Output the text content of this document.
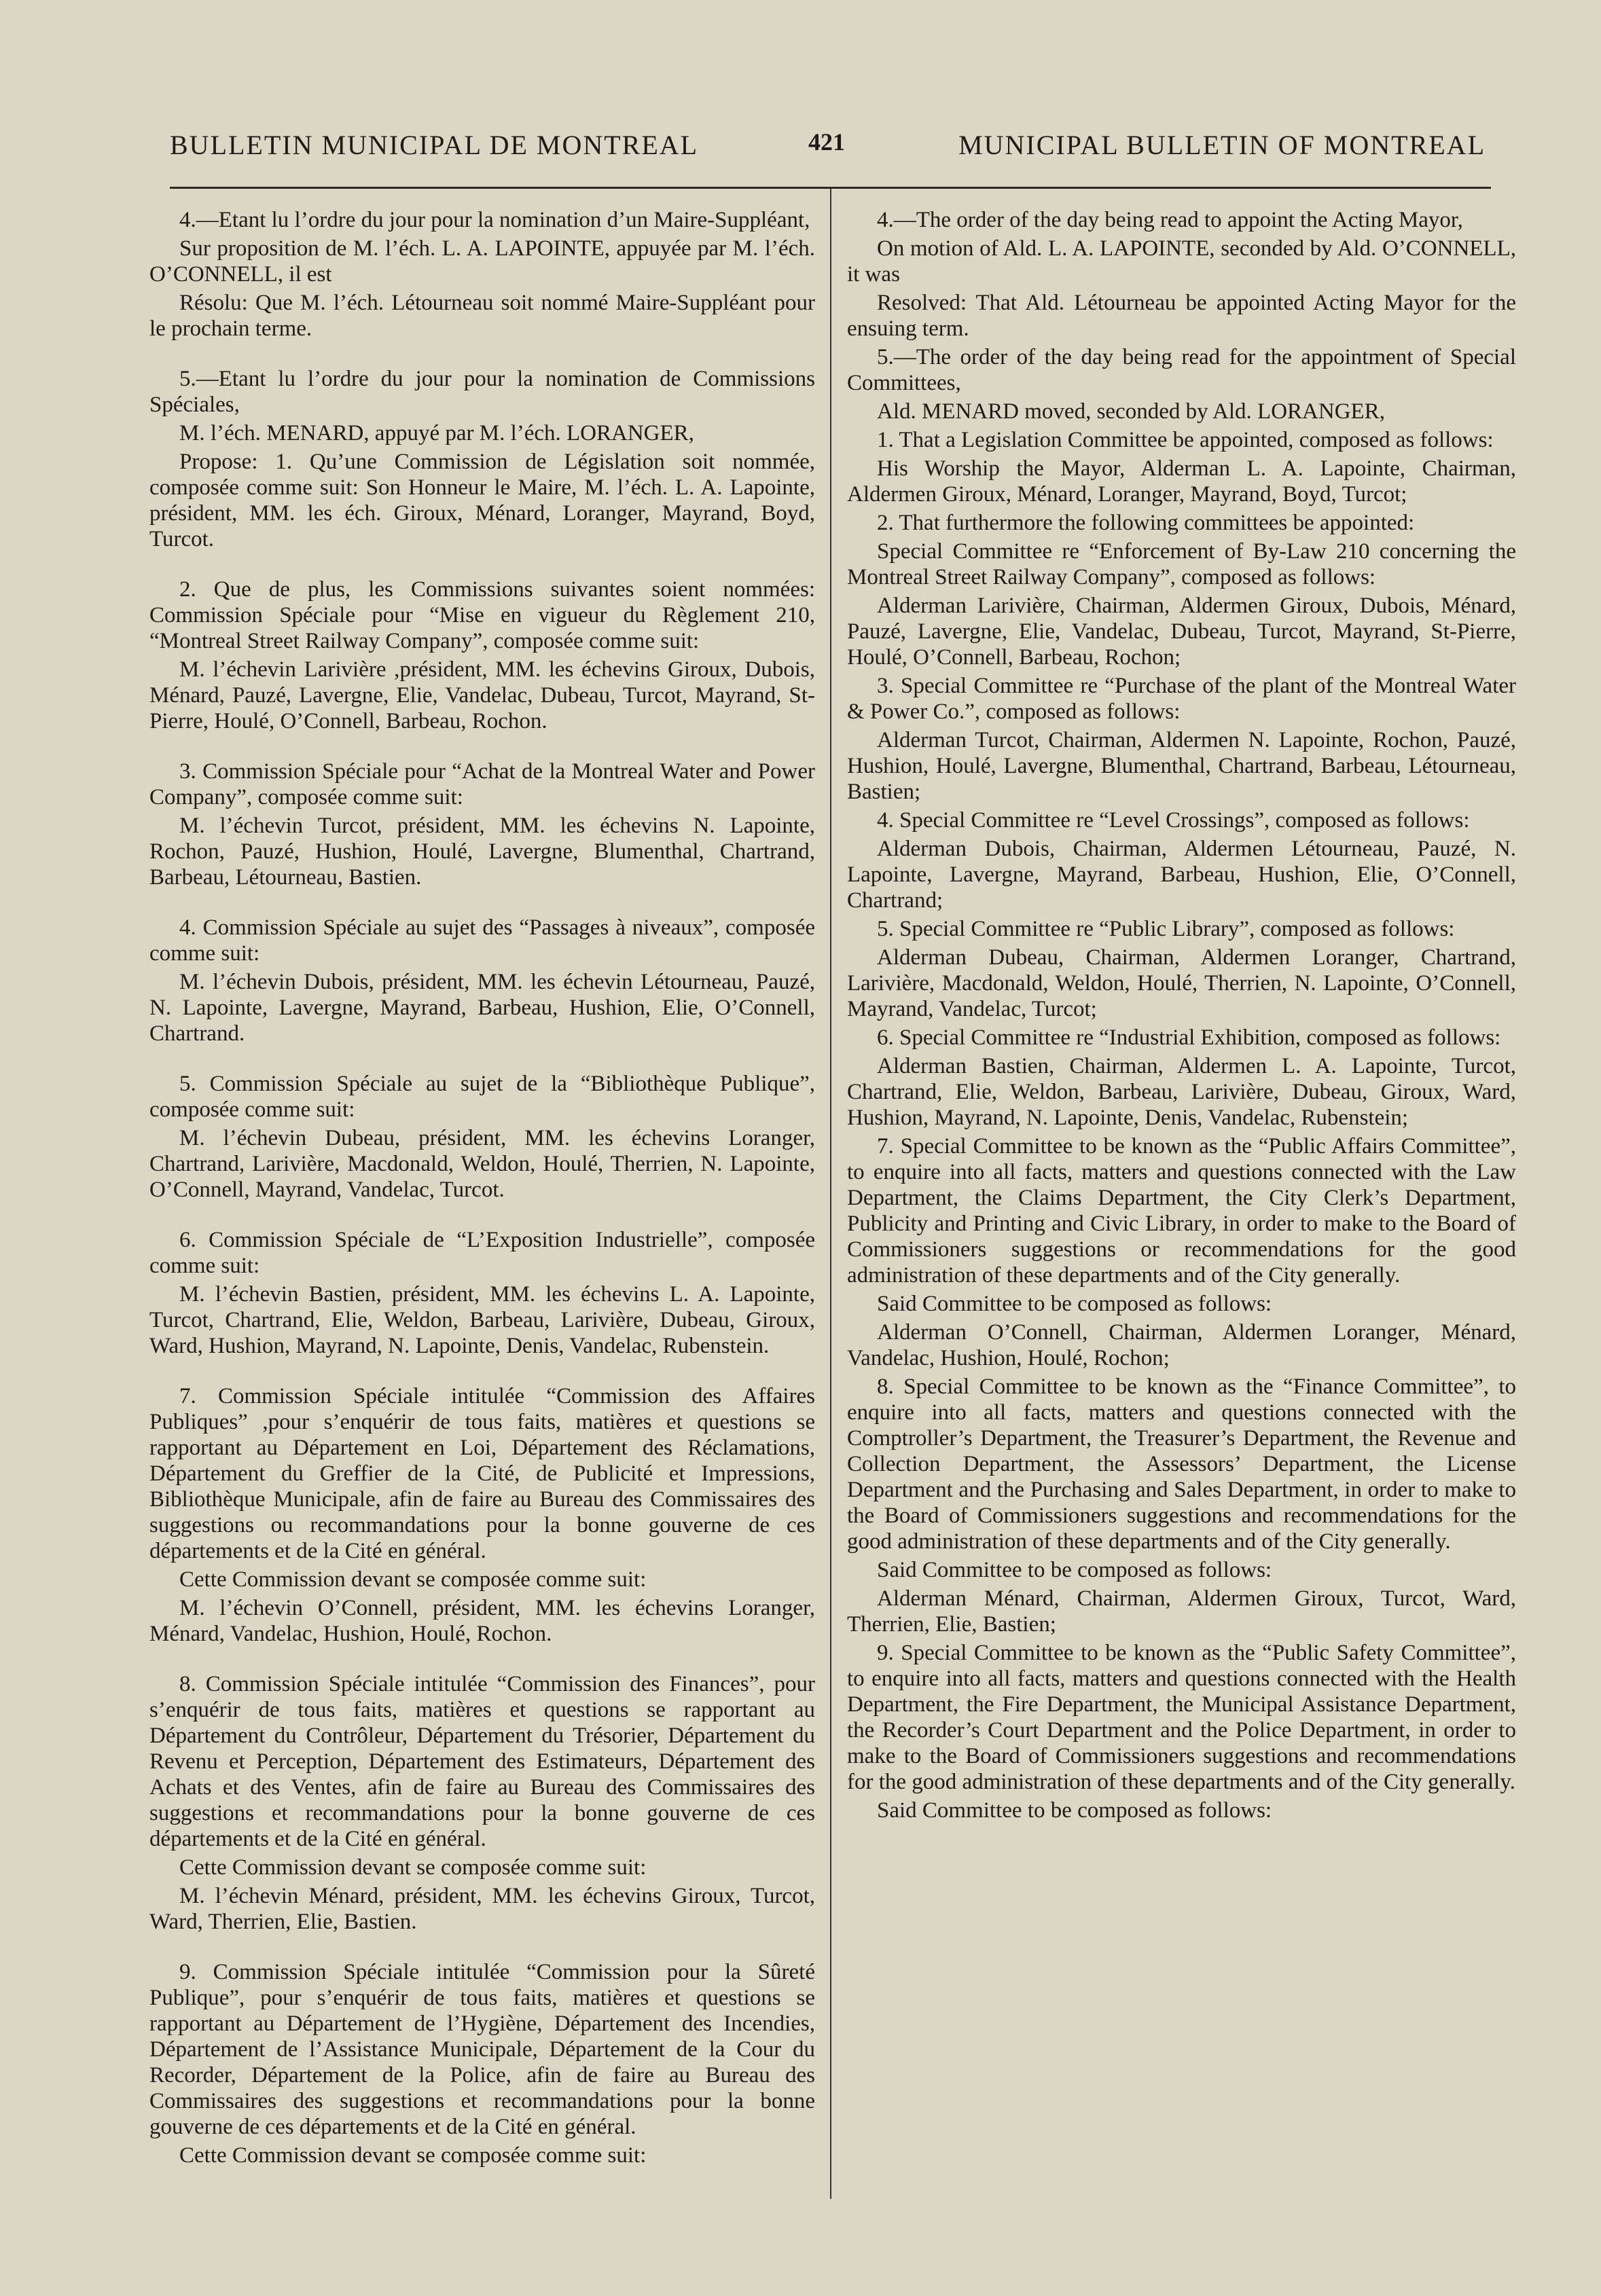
BULLETIN MUNICIPAL DE MONTREAL	421	MUNICIPAL BULLETIN OF MONTREAL

4.—Etant lu l’ordre du jour pour la nomination d’un Maire-Suppléant,

Sur proposition de M. l’éch. L. A. LAPOINTE, appuyée par M. l’éch. O’CONNELL, il est

Résolu: Que M. l’éch. Létourneau soit nommé Maire-Suppléant pour le prochain terme.

5.—Etant lu l’ordre du jour pour la nomination de Commissions Spéciales,

M. l’éch. MENARD, appuyé par M. l’éch. LORANGER,

Propose: 1. Qu’une Commission de Législation soit nommée, composée comme suit: Son Honneur le Maire, M. l’éch. L. A. Lapointe, président, MM. les éch. Giroux, Ménard, Loranger, Mayrand, Boyd, Turcot.

2. Que de plus, les Commissions suivantes soient nommées: Commission Spéciale pour “Mise en vigueur du Règlement 210, “Montreal Street Railway Company”, composée comme suit:

M. l’échevin Larivière ,président, MM. les échevins Giroux, Dubois, Ménard, Pauzé, Lavergne, Elie, Vandelac, Dubeau, Turcot, Mayrand, St-Pierre, Houlé, O’Connell, Barbeau, Rochon.

3. Commission Spéciale pour “Achat de la Montreal Water and Power Company”, composée comme suit:

M. l’échevin Turcot, président, MM. les échevins N. Lapointe, Rochon, Pauzé, Hushion, Houlé, Lavergne, Blumenthal, Chartrand, Barbeau, Létourneau, Bastien.

4. Commission Spéciale au sujet des “Passages à niveaux”, composée comme suit:

M. l’échevin Dubois, président, MM. les échevin Létourneau, Pauzé, N. Lapointe, Lavergne, Mayrand, Barbeau, Hushion, Elie, O’Connell, Chartrand.

5. Commission Spéciale au sujet de la “Bibliothèque Publique”, composée comme suit:

M. l’échevin Dubeau, président, MM. les échevins Loranger, Chartrand, Larivière, Macdonald, Weldon, Houlé, Therrien, N. Lapointe, O’Connell, Mayrand, Vandelac, Turcot.

6. Commission Spéciale de “L’Exposition Industrielle”, composée comme suit:

M. l’échevin Bastien, président, MM. les échevins L. A. Lapointe, Turcot, Chartrand, Elie, Weldon, Barbeau, Larivière, Dubeau, Giroux, Ward, Hushion, Mayrand, N. Lapointe, Denis, Vandelac, Rubenstein.

7. Commission Spéciale intitulée “Commission des Affaires Publiques” ,pour s’enquérir de tous faits, matières et questions se rapportant au Département en Loi, Département des Réclamations, Département du Greffier de la Cité, de Publicité et Impressions, Bibliothèque Municipale, afin de faire au Bureau des Commissaires des suggestions ou recommandations pour la bonne gouverne de ces départements et de la Cité en général.

Cette Commission devant se composée comme suit:

M. l’échevin O’Connell, président, MM. les échevins Loranger, Ménard, Vandelac, Hushion, Houlé, Rochon.

8. Commission Spéciale intitulée “Commission des Finances”, pour s’enquérir de tous faits, matières et questions se rapportant au Département du Contrôleur, Département du Trésorier, Département du Revenu et Perception, Département des Estimateurs, Département des Achats et des Ventes, afin de faire au Bureau des Commissaires des suggestions et recommandations pour la bonne gouverne de ces départements et de la Cité en général.

Cette Commission devant se composée comme suit:

M. l’échevin Ménard, président, MM. les échevins Giroux, Turcot, Ward, Therrien, Elie, Bastien.

9. Commission Spéciale intitulée “Commission pour la Sûreté Publique”, pour s’enquérir de tous faits, matières et questions se rapportant au Département de l’Hygiène, Département des Incendies, Département de l’Assistance Municipale, Département de la Cour du Recorder, Département de la Police, afin de faire au Bureau des Commissaires des suggestions et recommandations pour la bonne gouverne de ces départements et de la Cité en général.

Cette Commission devant se composée comme suit:

4.—The order of the day being read to appoint the Acting Mayor,

On motion of Ald. L. A. LAPOINTE, seconded by Ald. O’CONNELL, it was

Resolved: That Ald. Létourneau be appointed Acting Mayor for the ensuing term.

5.—The order of the day being read for the appointment of Special Committees,

Ald. MENARD moved, seconded by Ald. LORANGER,

1. That a Legislation Committee be appointed, composed as follows:

His Worship the Mayor, Alderman L. A. Lapointe, Chairman, Aldermen Giroux, Ménard, Loranger, Mayrand, Boyd, Turcot;

2. That furthermore the following committees be appointed:

Special Committee re “Enforcement of By-Law 210 concerning the Montreal Street Railway Company”, composed as follows:

Alderman Larivière, Chairman, Aldermen Giroux, Dubois, Ménard, Pauzé, Lavergne, Elie, Vandelac, Dubeau, Turcot, Mayrand, St-Pierre, Houlé, O’Connell, Barbeau, Rochon;

3. Special Committee re “Purchase of the plant of the Montreal Water & Power Co.”, composed as follows:

Alderman Turcot, Chairman, Aldermen N. Lapointe, Rochon, Pauzé, Hushion, Houlé, Lavergne, Blumenthal, Chartrand, Barbeau, Létourneau, Bastien;

4. Special Committee re “Level Crossings”, composed as follows:

Alderman Dubois, Chairman, Aldermen Létourneau, Pauzé, N. Lapointe, Lavergne, Mayrand, Barbeau, Hushion, Elie, O’Connell, Chartrand;

5. Special Committee re “Public Library”, composed as follows:

Alderman Dubeau, Chairman, Aldermen Loranger, Chartrand, Larivière, Macdonald, Weldon, Houlé, Therrien, N. Lapointe, O’Connell, Mayrand, Vandelac, Turcot;

6. Special Committee re “Industrial Exhibition, composed as follows:

Alderman Bastien, Chairman, Aldermen L. A. Lapointe, Turcot, Chartrand, Elie, Weldon, Barbeau, Larivière, Dubeau, Giroux, Ward, Hushion, Mayrand, N. Lapointe, Denis, Vandelac, Rubenstein;

7. Special Committee to be known as the “Public Affairs Committee”, to enquire into all facts, matters and questions connected with the Law Department, the Claims Department, the City Clerk’s Department, Publicity and Printing and Civic Library, in order to make to the Board of Commissioners suggestions or recommendations for the good administration of these departments and of the City generally.

Said Committee to be composed as follows:

Alderman O’Connell, Chairman, Aldermen Loranger, Ménard, Vandelac, Hushion, Houlé, Rochon;

8. Special Committee to be known as the “Finance Committee”, to enquire into all facts, matters and questions connected with the Comptroller’s Department, the Treasurer’s Department, the Revenue and Collection Department, the Assessors’ Department, the License Department and the Purchasing and Sales Department, in order to make to the Board of Commissioners suggestions and recommendations for the good administration of these departments and of the City generally.

Said Committee to be composed as follows:

Alderman Ménard, Chairman, Aldermen Giroux, Turcot, Ward, Therrien, Elie, Bastien;

9. Special Committee to be known as the “Public Safety Committee”, to enquire into all facts, matters and questions connected with the Health Department, the Fire Department, the Municipal Assistance Department, the Recorder’s Court Department and the Police Department, in order to make to the Board of Commissioners suggestions and recommendations for the good administration of these departments and of the City generally.

Said Committee to be composed as follows:
